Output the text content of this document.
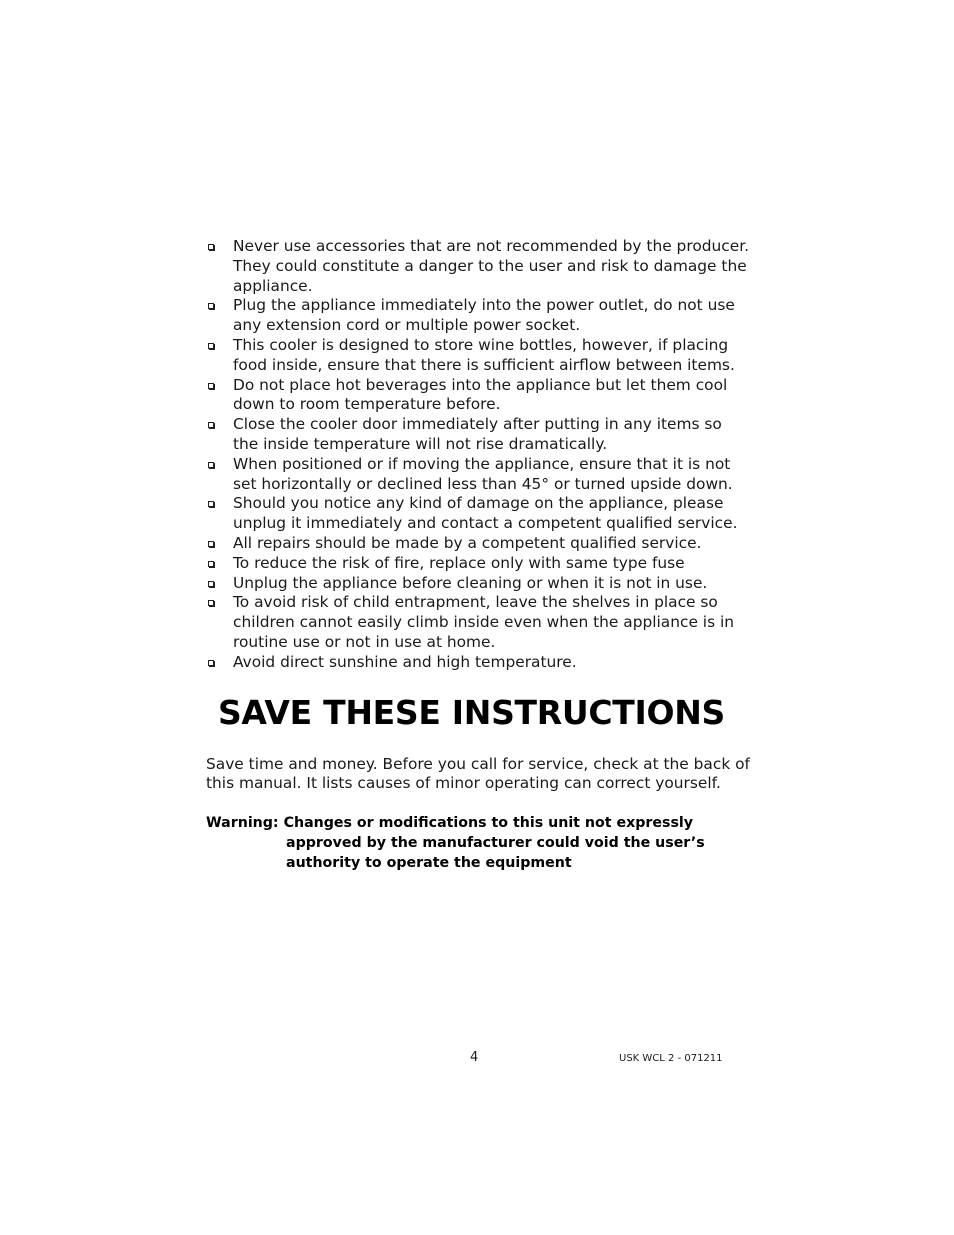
Never use accessories that are not recommended by the producer. They could constitute a danger to the user and risk to damage the appliance.
Plug the appliance immediately into the power outlet, do not use any extension cord or multiple power socket.
This cooler is designed to store wine bottles, however, if placing food inside, ensure that there is sufficient airflow between items.
Do not place hot beverages into the appliance but let them cool down to room temperature before.
Close the cooler door immediately after putting in any items so the inside temperature will not rise dramatically.
When positioned or if moving the appliance, ensure that it is not set horizontally or declined less than 45° or turned upside down.
Should you notice any kind of damage on the appliance, please unplug it immediately and contact a competent qualified service.
All repairs should be made by a competent qualified service.
To reduce the risk of fire, replace only with same type fuse
Unplug the appliance before cleaning or when it is not in use.
To avoid risk of child entrapment, leave the shelves in place so children cannot easily climb inside even when the appliance is in routine use or not in use at home.
Avoid direct sunshine and high temperature.
SAVE THESE INSTRUCTIONS

Save time and money. Before you call for service, check at the back of this manual. It lists causes of minor operating can correct yourself.

Warning: Changes or modifications to this unit not expressly approved by the manufacturer could void the user’s authority to operate the equipment
4	USK WCL 2 - 071211
